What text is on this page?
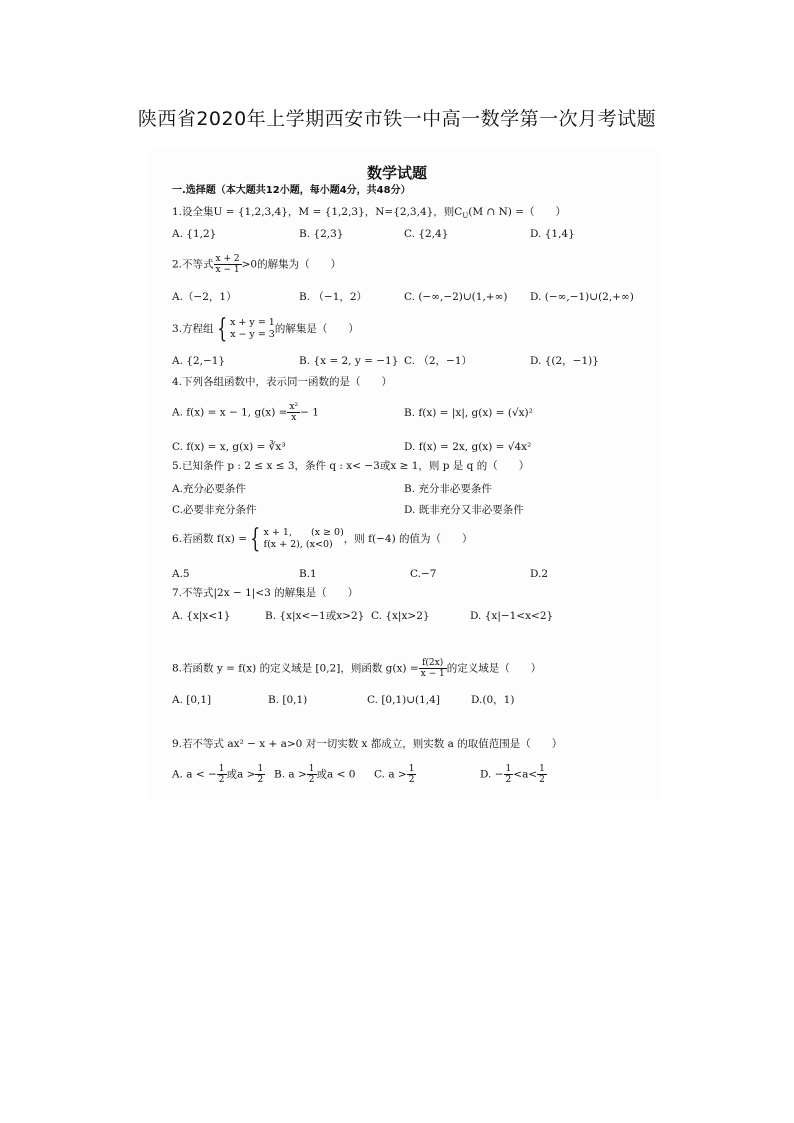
陕西省2020年上学期西安市铁一中高一数学第一次月考试题
数学试题
一.选择题（本大题共12小题，每小题4分，共48分）
1.设全集U = {1,2,3,4}，M = {1,2,3}，N={2,3,4}，则$C_U(M$ ∩ N) =（　　）
A. {1,2}	B. {2,3}	C. {2,4}	D. {1,4}
2.不等式 $\frac{x + 2}{x - 1} >0$的解集为（　　）
A.（−2，1）	B. （−1，2）	C. (−∞,−2)∪(1,+∞) D. (−∞,−1)∪(2,+∞)
3.方程组 { x + y = 1
x − y = 3 的解集是（　　）
A. {2,−1}	B. {x = 2, y = −1} C. （2，−1）	D. {(2，−1)}
4.下列各组函数中，表示同一函数的是（　　）
A. f(x) = x − 1, $g(x) = \frac{\text{x²}}{x} - 1$	B. f(x) = |x|, g(x) = (√x)²
C. f(x) = x, g(x) = ∛x³	D. f(x) = 2x, g(x) = √4x²
5.已知条件 p : 2 ≤ x ≤ 3，条件 q : x< −3或x ≥ 1，则 p 是 q 的（　　）
A.充分必要条件	B. 充分非必要条件
C.必要非充分条件	D. 既非充分又非必要条件
6.若函数 f(x) = { x + 1,　　(x ≥ 0)
f(x + 2), (x<0)	，则 f(−4) 的值为（　　）
A.5	B.1	C.−7	D.2
7.不等式|2x − 1|<3 的解集是（　　）
A. {x|x<1}	B. {x|x<−1或x>2} C. {x|x>2}	D. {x|−1<x<2}
8.若函数 y = f(x) 的定义域是 [0,2]，则函数 $g(x) = \frac{f(2x)}{x - 1}$ 的定义域是（　　）
A. [0,1]	B. [0,1)	C. [0,1)∪(1,4]	D.(0，1)
9.若不等式 ax² − x + a>0 对一切实数 x 都成立，则实数 a 的取值范围是（　　）
A. a < − $\frac{1}{2}$ 或$a > \frac{1}{2} B$. $a > \frac{1}{2}$ 或a < 0 C. $a > \frac{1}{2}$	D. − $\frac{1}{2} <a< \frac{1}{2}$
